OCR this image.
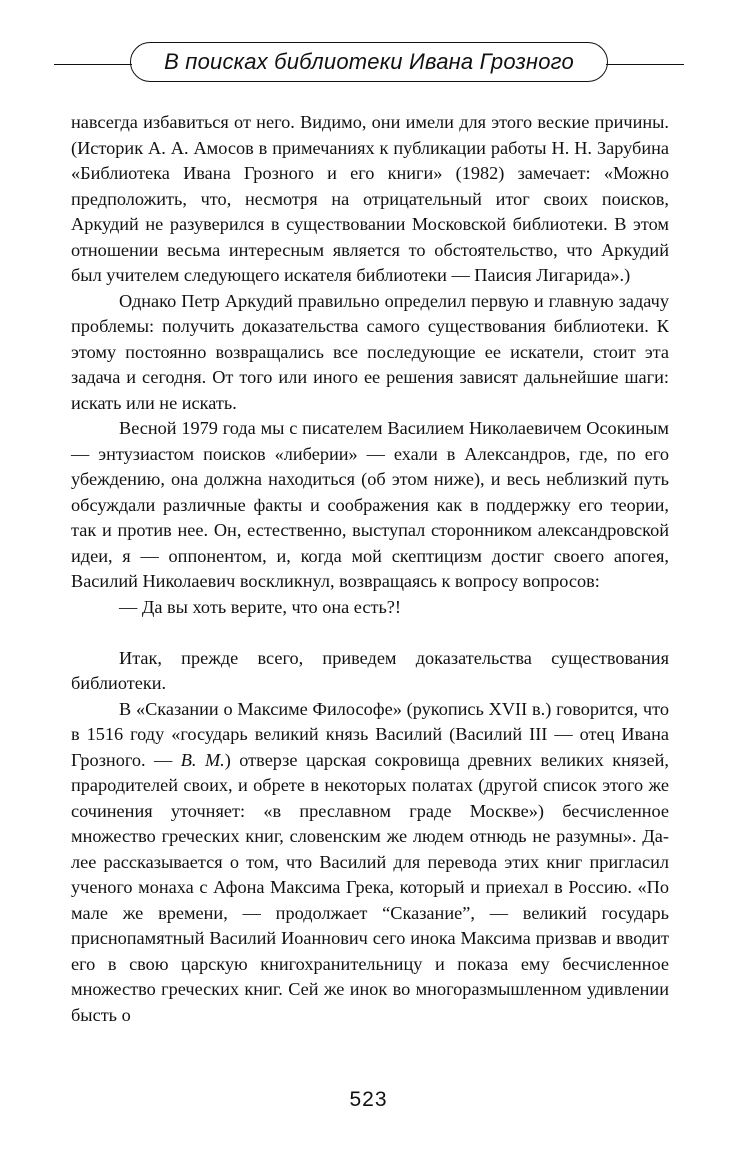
В поисках библиотеки Ивана Грозного

навсегда избавиться от него. Видимо, они имели для этого веские причины. (Историк А. А. Амосов в примечаниях к публикации работы Н. Н. Зарубина «Библиотека Ивана Грозного и его книги» (1982) замечает: «Можно предположить, что, несмотря на отрицательный итог своих поисков, Аркудий не разуверился в существовании Московской библиотеки. В этом отношении весьма интересным является то обстоятельство, что Аркудий был учителем следующего искателя библиотеки — Паисия Лигарида».)

Однако Петр Аркудий правильно определил первую и главную задачу проблемы: получить доказательства самого существования библиотеки. К этому постоянно возвращались все последующие ее искатели, стоит эта задача и сегодня. От того или иного ее решения зависят дальнейшие шаги: искать или не искать.

Весной 1979 года мы с писателем Василием Николаевичем Осокиным — энтузиастом поисков «либерии» — ехали в Александров, где, по его убеждению, она должна находиться (об этом ниже), и весь неблизкий путь обсуждали различные факты и соображения как в поддержку его теории, так и против нее. Он, естественно, выступал сторонником александровской идеи, я — оппонентом, и, когда мой скептицизм достиг своего апогея, Василий Николаевич воскликнул, возвращаясь к вопросу вопросов:

— Да вы хоть верите, что она есть?!

Итак, прежде всего, приведем доказательства существования библиотеки.

В «Сказании о Максиме Философе» (рукопись XVII в.) говорится, что в 1516 году «государь великий князь Василий (Василий III — отец Ивана Грозного. — В. М.) отверзе царская сокровища древних великих князей, прародителей своих, и обрете в некоторых полатах (другой список этого же сочинения уточняет: «в преславном граде Москве») бесчисленное множество греческих книг, словенским же людем отнюдь не разумны». Далее рассказывается о том, что Василий для перевода этих книг пригласил ученого монаха с Афона Максима Грека, который и приехал в Россию. «По мале же времени, — продолжает “Сказание”, — великий государь приснопамятный Василий Иоаннович сего инока Максима призвав и вводит его в свою царскую книгохранительницу и показа ему бесчисленное множество греческих книг. Сей же инок во многоразмышленном удивлении бысть о

523
